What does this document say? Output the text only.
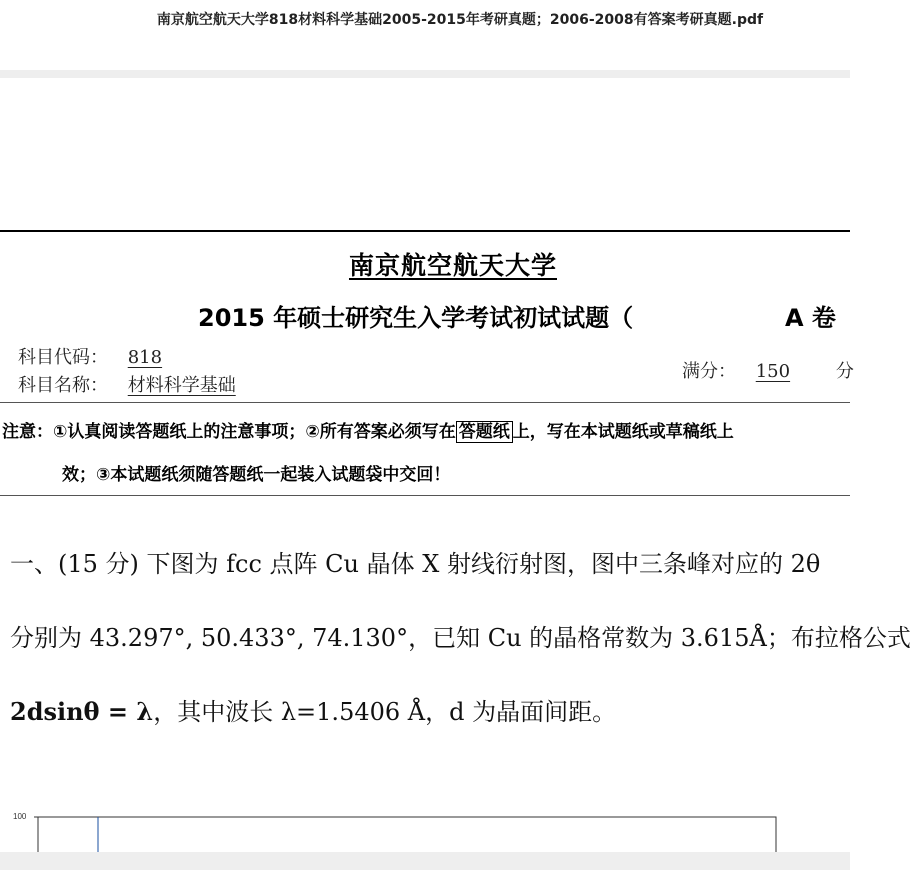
南京航空航天大学818材料科学基础2005-2015年考研真题；2006-2008有答案考研真题.pdf
南京航空航天大学
2015 年硕士研究生入学考试初试试题（	A 卷
科目代码： 818
科目名称： 材料科学基础
满分： 150	分
注意：①认真阅读答题纸上的注意事项；②所有答案必须写在 答题纸 上，写在本试题纸或草稿纸上
效；③本试题纸须随答题纸一起装入试题袋中交回！
一、(15 分) 下图为 fcc 点阵 Cu 晶体 X 射线衍射图，图中三条峰对应的 2θ
分别为 43.297°, 50.433°, 74.130°，已知 Cu 的晶格常数为 3.615Å；布拉格公式
2dsinθ = λ，其中波长 λ=1.5406 Å，d 为晶面间距。
100
